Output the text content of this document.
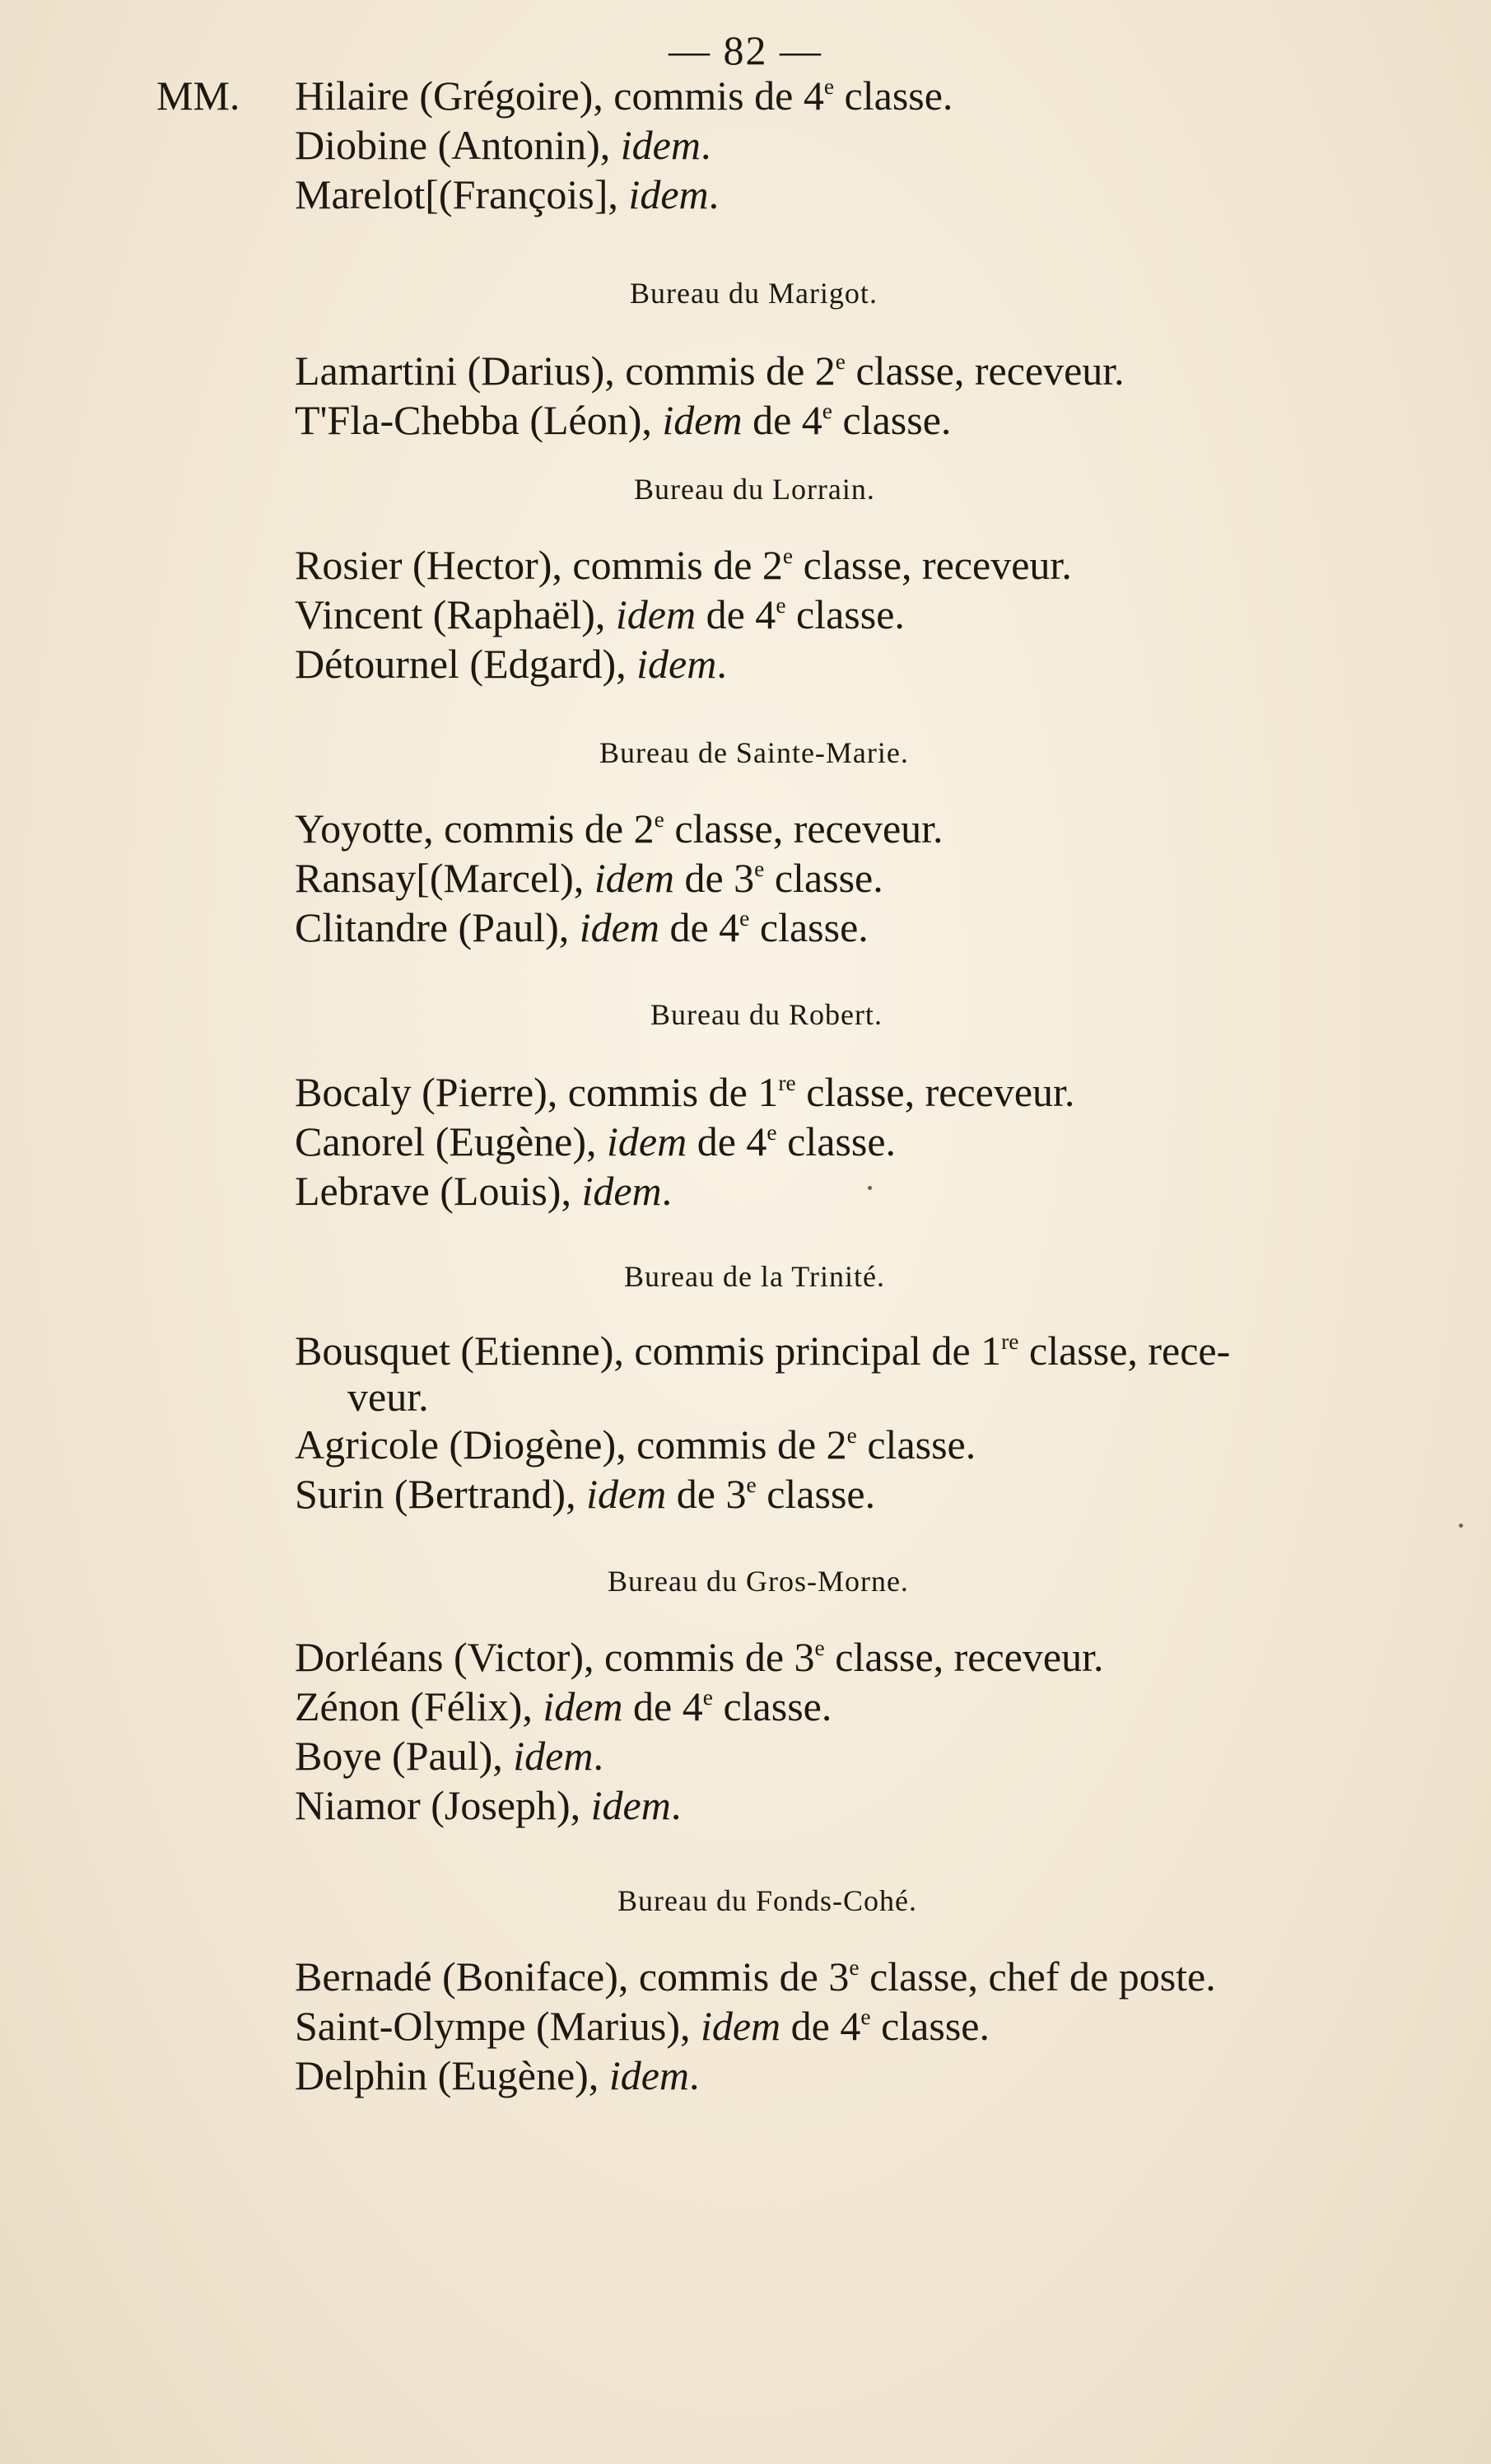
— 82 —
MM. Hilaire (Grégoire), commis de 4e classe.
Diobine (Antonin), idem.
Marelot[(François], idem.
Bureau du Marigot.
Lamartini (Darius), commis de 2e classe, receveur.
T'Fla-Chebba (Léon), idem de 4e classe.
Bureau du Lorrain.
Rosier (Hector), commis de 2e classe, receveur.
Vincent (Raphaël), idem de 4e classe.
Détournel (Edgard), idem.
Bureau de Sainte-Marie.
Yoyotte, commis de 2e classe, receveur.
Ransay[(Marcel), idem de 3e classe.
Clitandre (Paul), idem de 4e classe.
Bureau du Robert.
Bocaly (Pierre), commis de 1re classe, receveur.
Canorel (Eugène), idem de 4e classe.
Lebrave (Louis), idem.
Bureau de la Trinité.
Bousquet (Etienne), commis principal de 1re classe, rece-
veur.
Agricole (Diogène), commis de 2e classe.
Surin (Bertrand), idem de 3e classe.
Bureau du Gros-Morne.
Dorléans (Victor), commis de 3e classe, receveur.
Zénon (Félix), idem de 4e classe.
Boye (Paul), idem.
Niamor (Joseph), idem.
Bureau du Fonds-Cohé.
Bernadé (Boniface), commis de 3e classe, chef de poste.
Saint-Olympe (Marius), idem de 4e classe.
Delphin (Eugène), idem.
